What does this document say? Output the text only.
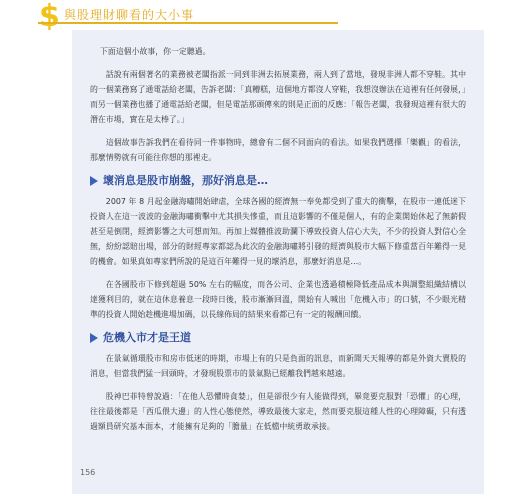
$ 與股理財聊看的大小事

下面這個小故事，你一定聽過。

話說有兩個著名的業務被老闆指派一同到非洲去拓展業務，兩人到了當地，發現非洲人都不穿鞋。其中的一個業務寫了通電話給老闆，告訴老闆：「真糟糕，這個地方都沒人穿鞋，我想沒辦法在這裡有任何發展，」而另一個業務也播了通電話給老闆，但是電話那頭傳來的則是正面的反應：「報告老闆，我發現這裡有很大的潛在市場，實在是太棒了。」

這個故事告訴我們在看待同一件事物時，總會有二個不同面向的看法。如果我們選擇「樂觀」的看法，那麼情勢就有可能往你想的那裡走。

壞消息是股市崩盤，那好消息是…

2007 年 8 月起金融海嘯開始肆虐，全球各國的經濟無一奉免都受到了重大的衝擊，在股市一連低迷下投資人在這一波波的金融海嘯衝擊中尤其損失慘重，而且這影響的不僅是個人，有的企業開始休起了無薪假甚至是倒閉，經濟影響之大可想而知。再加上媒體推波助瀾下導致投資人信心大失，不少的投資人對信心全無，紛紛認賠出場，部分的財經專家都認為此次的金融海嘯將引發的經濟與股市大幅下修重當百年難得一見的機會。如果真如專家們所說的是這百年難得一見的壞消息，那麼好消息是…。

在各國股市下修到超過 50% 左右的幅度，而各公司、企業也透過積極降低產品成本與調整組織結構以達獲利目的，就在這休息養息一段時日後，股市漸漸回溫，開始有人喊出「危機入市」的口號，不少眼光精準的投資人開始趁機進場加碼，以長線佈局的結果來看都已有一定的報酬回饋。

危機入市才是王道

在景氣循環股市和房市低迷的時期，市場上有的只是負面的訊息，而新聞天天報導的都是外資大賣股的消息，但當我們猛一回頭時，才發現股票市的景氣點已經離我們越來越遠。

股神巴菲特曾說過：「在他人恐懼時貪婪」，但是卻很少有人能做得到，畢竟要克服對「恐懼」的心理，往往最後都是「西瓜偎大邊」的人性心態使然，導致最後大家走，然而要克服這種人性的心理障礙，只有透過額員研究基本面本，才能擁有足夠的「膽量」在低檔中統勇敢承接。

156
